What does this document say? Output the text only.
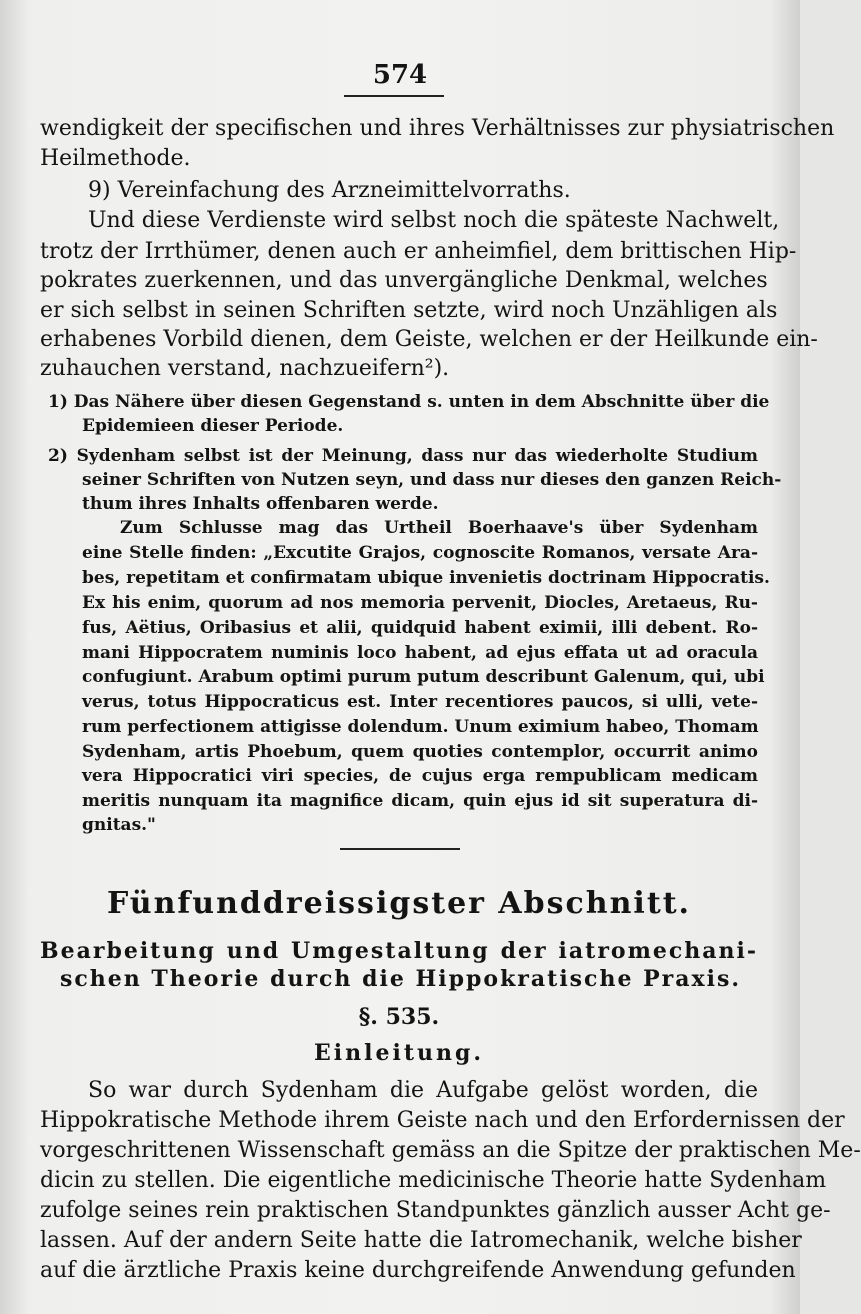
574
wendigkeit der specifischen und ihres Verhältnisses zur physiatrischen
Heilmethode.
9) Vereinfachung des Arzneimittelvorraths.
Und diese Verdienste wird selbst noch die späteste Nachwelt,
trotz der Irrthümer, denen auch er anheimfiel, dem brittischen Hip-
pokrates zuerkennen, und das unvergängliche Denkmal, welches
er sich selbst in seinen Schriften setzte, wird noch Unzähligen als
erhabenes Vorbild dienen, dem Geiste, welchen er der Heilkunde ein-
zuhauchen verstand, nachzueifern²).
1) Das Nähere über diesen Gegenstand s. unten in dem Abschnitte über die
Epidemieen dieser Periode.
2) Sydenham selbst ist der Meinung, dass nur das wiederholte Studium
seiner Schriften von Nutzen seyn, und dass nur dieses den ganzen Reich-
thum ihres Inhalts offenbaren werde.
Zum Schlusse mag das Urtheil Boerhaave's über Sydenham
eine Stelle finden: „Excutite Grajos, cognoscite Romanos, versate Ara-
bes, repetitam et confirmatam ubique invenietis doctrinam Hippocratis.
Ex his enim, quorum ad nos memoria pervenit, Diocles, Aretaeus, Ru-
fus, Aëtius, Oribasius et alii, quidquid habent eximii, illi debent. Ro-
mani Hippocratem numinis loco habent, ad ejus effata ut ad oracula
confugiunt. Arabum optimi purum putum describunt Galenum, qui, ubi
verus, totus Hippocraticus est. Inter recentiores paucos, si ulli, vete-
rum perfectionem attigisse dolendum. Unum eximium habeo, Thomam
Sydenham, artis Phoebum, quem quoties contemplor, occurrit animo
vera Hippocratici viri species, de cujus erga rempublicam medicam
meritis nunquam ita magnifice dicam, quin ejus id sit superatura di-
gnitas."
Fünfunddreissigster Abschnitt.
Bearbeitung und Umgestaltung der iatromechani-
schen Theorie durch die Hippokratische Praxis.
§. 535.
Einleitung.
So war durch Sydenham die Aufgabe gelöst worden, die
Hippokratische Methode ihrem Geiste nach und den Erfordernissen der
vorgeschrittenen Wissenschaft gemäss an die Spitze der praktischen Me-
dicin zu stellen. Die eigentliche medicinische Theorie hatte Sydenham
zufolge seines rein praktischen Standpunktes gänzlich ausser Acht ge-
lassen. Auf der andern Seite hatte die Iatromechanik, welche bisher
auf die ärztliche Praxis keine durchgreifende Anwendung gefunden
